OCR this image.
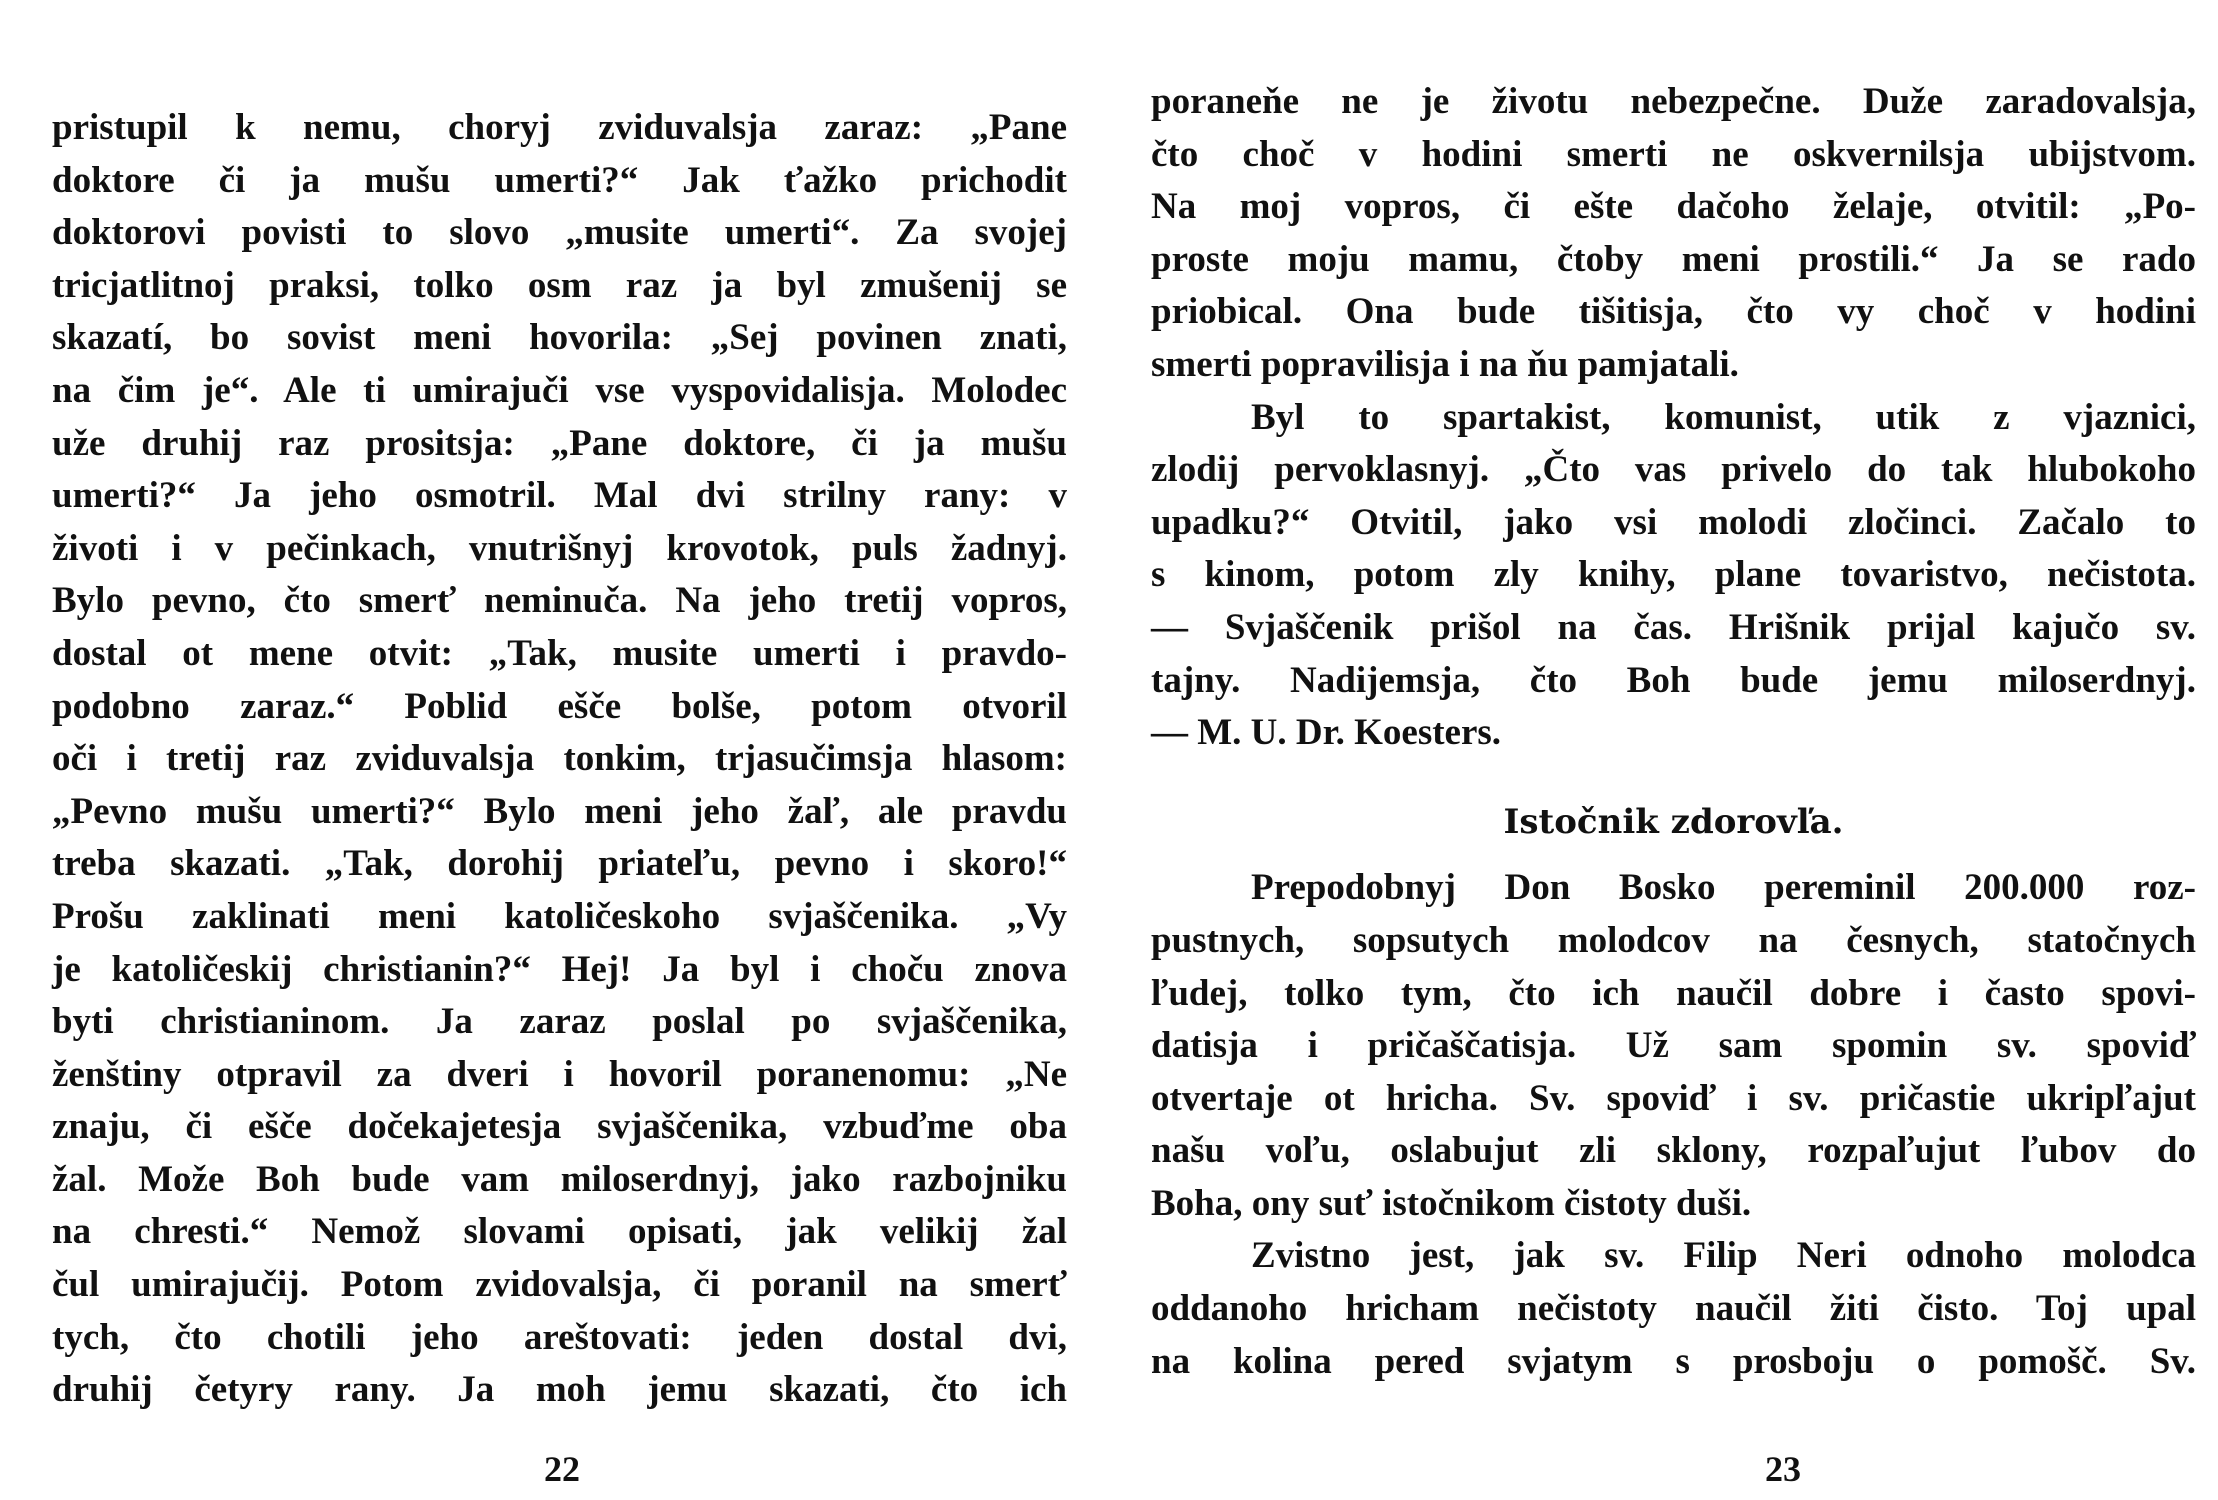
pristupil k nemu, choryj zviduvalsja zaraz: „Pane
doktore či ja mušu umerti?“ Jak ťažko prichodit
doktorovi povisti to slovo „musite umerti“. Za svojej
tricjatlitnoj praksi, tolko osm raz ja byl zmušenij se
skazatí, bo sovist meni hovorila: „Sej povinen znati,
na čim je“. Ale ti umirajuči vse vyspovidalisja. Molodec
uže druhij raz prositsja: „Pane doktore, či ja mušu
umerti?“ Ja jeho osmotril. Mal dvi strilny rany: v
životi i v pečinkach, vnutrišnyj krovotok, puls žadnyj.
Bylo pevno, čto smerť neminuča. Na jeho tretij vopros,
dostal ot mene otvit: „Tak, musite umerti i pravdo-
podobno zaraz.“ Poblid ešče bolše, potom otvoril
oči i tretij raz zviduvalsja tonkim, trjasučimsja hlasom:
„Pevno mušu umerti?“ Bylo meni jeho žaľ, ale pravdu
treba skazati. „Tak, dorohij priateľu, pevno i skoro!“
Prošu zaklinati meni katoličeskoho svjaščenika. „Vy
je katoličeskij christianin?“ Hej! Ja byl i choču znova
byti christianinom. Ja zaraz poslal po svjaščenika,
ženštiny otpravil za dveri i hovoril poranenomu: „Ne
znaju, či ešče dočekajetesja svjaščenika, vzbuďme oba
žal. Može Boh bude vam miloserdnyj, jako razbojniku
na chresti.“ Nemož slovami opisati, jak velikij žal
čul umirajučij. Potom zvidovalsja, či poranil na smerť
tych, čto chotili jeho areštovati: jeden dostal dvi,
druhij četyry rany. Ja moh jemu skazati, čto ich
22
poraneňe ne je životu nebezpečne. Duže zaradovalsja,
čto choč v hodini smerti ne oskvernilsja ubijstvom.
Na moj vopros, či ešte dačoho želaje, otvitil: „Po-
proste moju mamu, čtoby meni prostili.“ Ja se rado
priobical. Ona bude tišitisja, čto vy choč v hodini
smerti popravilisja i na ňu pamjatali.
Byl to spartakist, komunist, utik z vjaznici,
zlodij pervoklasnyj. „Čto vas privelo do tak hlubokoho
upadku?“ Otvitil, jako vsi molodi zločinci. Začalo to
s kinom, potom zly knihy, plane tovaristvo, nečistota.
— Svjaščenik prišol na čas. Hrišnik prijal kajučo sv.
tajny. Nadijemsja, čto Boh bude jemu miloserdnyj.
— M. U. Dr. Koesters.
Istočnik zdorovľa.
Prepodobnyj Don Bosko pereminil 200.000 roz-
pustnych, sopsutych molodcov na česnych, statočnych
ľudej, tolko tym, čto ich naučil dobre i často spovi-
datisja i pričaščatisja. Už sam spomin sv. spoviď
otvertaje ot hricha. Sv. spoviď i sv. pričastie ukripľajut
našu voľu, oslabujut zli sklony, rozpaľujut ľubov do
Boha, ony suť istočnikom čistoty duši.
Zvistno jest, jak sv. Filip Neri odnoho molodca
oddanoho hricham nečistoty naučil žiti čisto. Toj upal
na kolina pered svjatym s prosboju o pomošč. Sv.
23
